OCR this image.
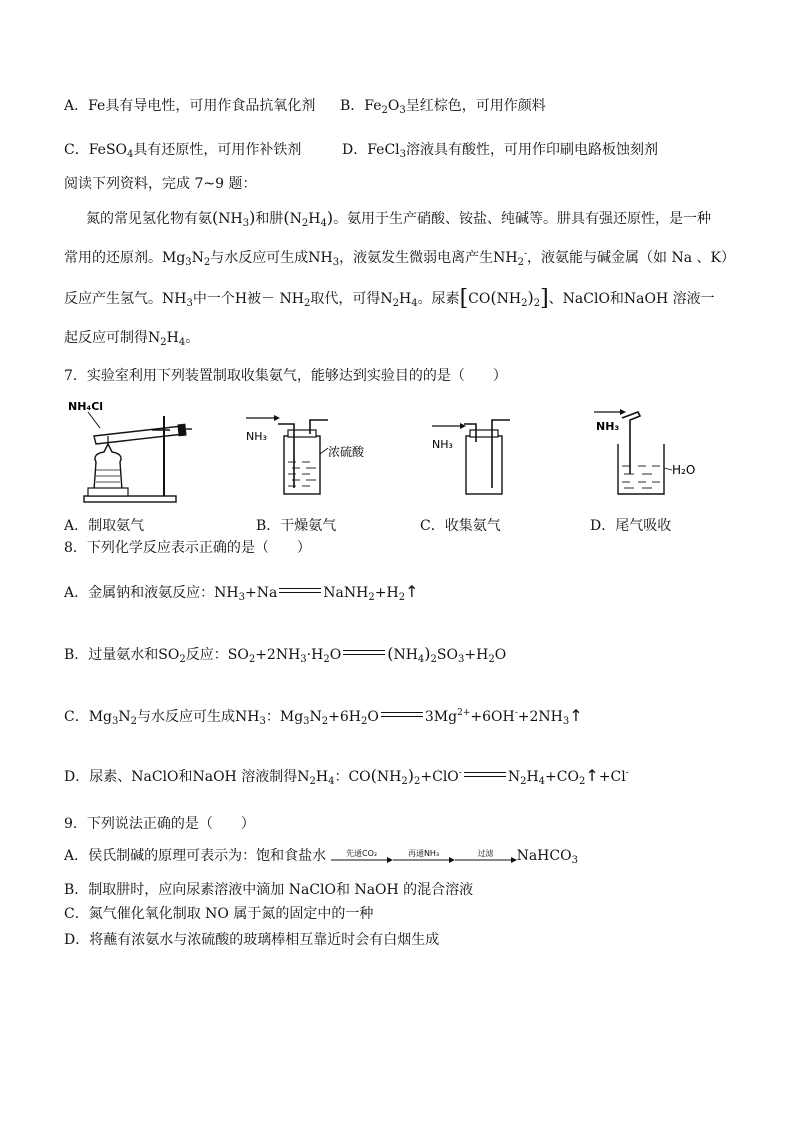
A．Fe具有导电性，可用作食品抗氧化剂 B．$Fe_2O_3$呈红棕色，可用作颜料
C．FeSO$_4$具有还原性，可用作补铁剂	D．FeCl$_3$溶液具有酸性，可用作印刷电路板蚀刻剂
阅读下列资料，完成 7~9 题：
氮的常见氢化物有氨$(NH_3)$和肼$(N_2H_4)$。氨用于生产硝酸、铵盐、纯碱等。肼具有强还原性，是一种
常用的还原剂。$Mg_3N_2$与水反应可生成$NH_3$，液氨发生微弱电离产生$NH_2^-$，液氨能与碱金属（如 Na 、K）
反应产生氢气。$NH_3$中一个H被－ $NH_2$取代，可得$N_2H_4$。尿素$[CO(NH_2)_2]$、NaClO和NaOH 溶液一
起反应可制得$N_2H_4$。
7．实验室利用下列装置制取收集氨气，能够达到实验目的的是（　　）
NH₄Cl
NH₃
浓硫酸
NH₃
NH₃
H₂O
A．制取氨气	B．干燥氨气	C．收集氨气	D．尾气吸收
8．下列化学反应表示正确的是（　　）
A．金属钠和液氨反应：$NH_3+Na$	$NaNH_2+H_2↑$
B．过量氨水和$SO_2$反应：$SO_2+2NH_3\cdot H_2O$	$(NH_4)_2SO_3+H_2O$
C．$Mg_3N_2$与水反应可生成$NH_3$：$Mg_3N_2+6H_2O$	$3Mg^{2+}+6OH^-+2NH_3↑$
D．尿素、NaClO和NaOH 溶液制得$N_2H_4$：$CO(NH_2)_2+ClO^-$	$N_2H_4+CO_2↑+Cl^-$
9．下列说法正确的是（　　）
A．侯氏制碱的原理可表示为：饱和食盐水	先通CO₂	再通NH₃	过滤	NaHCO$_3$
B．制取肼时，应向尿素溶液中滴加 NaClO和 NaOH 的混合溶液
C．氮气催化氧化制取 NO 属于氮的固定中的一种
D．将蘸有浓氨水与浓硫酸的玻璃棒相互靠近时会有白烟生成
